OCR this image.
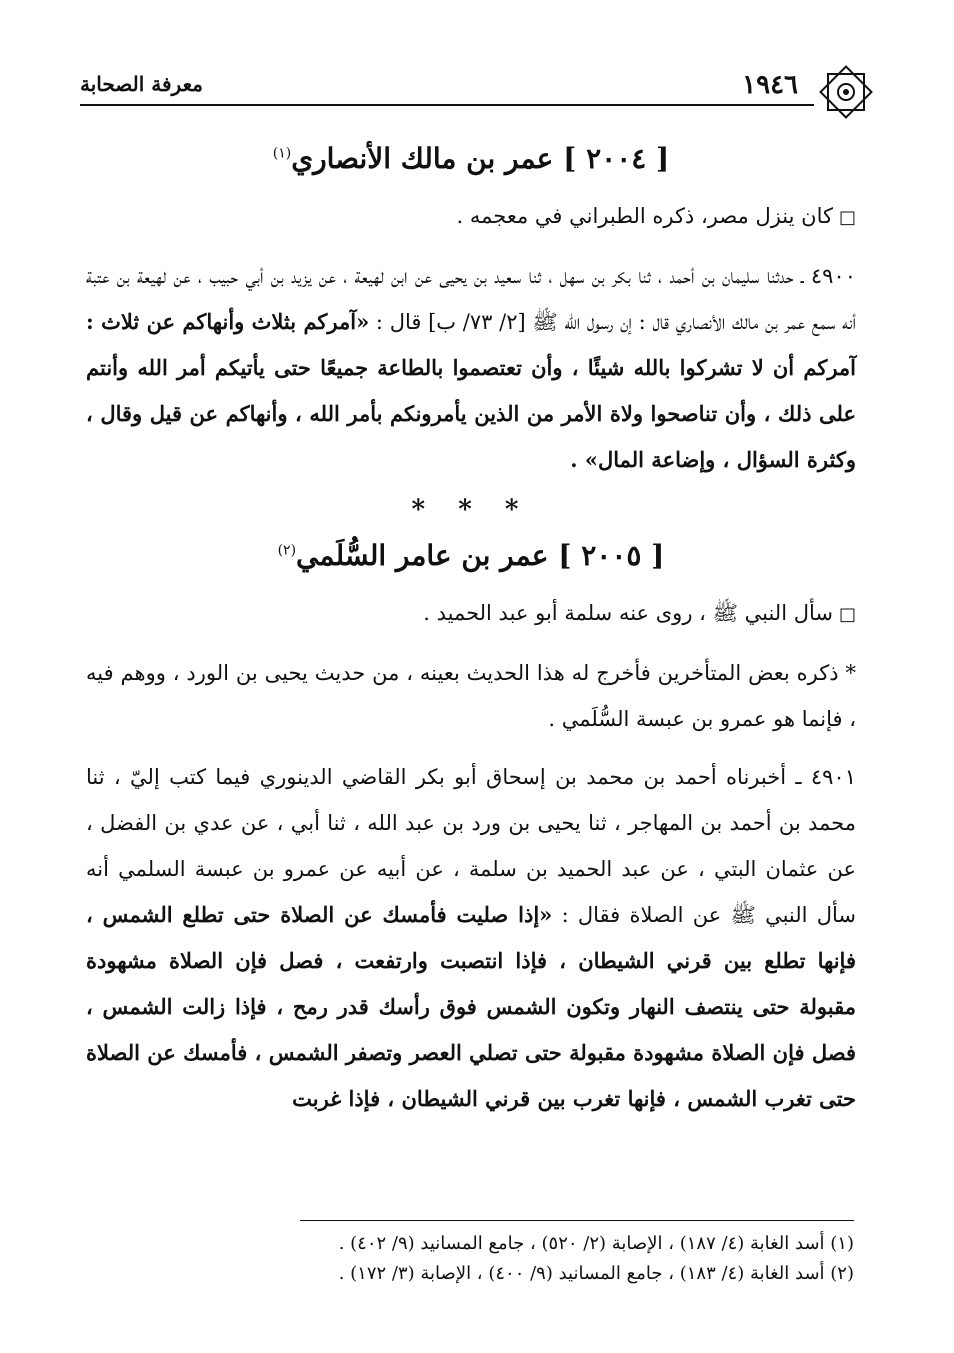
١٩٤٦
معرفة الصحابة
[ ٢٠٠٤ ] عمر بن مالك الأنصاري$^{(١)}$

□كان ينزل مصر، ذكره الطبراني في معجمه .

٤٩٠٠ ـ حدثنا سليمان بن أحمد ، ثنا بكر بن سهل ، ثنا سعيد بن يحيى عن ابن لهيعة ، عن يزيد بن أبي حبيب ، عن لهيعة بن عتبة أنه سمع عمر بن مالك الأنصاري قال : إن رسول الله ﷺ [٢/ ٧٣/ ب] قال : «آمركم بثلاث وأنهاكم عن ثلاث : آمركم أن لا تشركوا بالله شيئًا ، وأن تعتصموا بالطاعة جميعًا حتى يأتيكم أمر الله وأنتم على ذلك ، وأن تناصحوا ولاة الأمر من الذين يأمرونكم بأمر الله ، وأنهاكم عن قيل وقال ، وكثرة السؤال ، وإضاعة المال» .

* * *
[ ٢٠٠٥ ] عمر بن عامر السُّلَمي$^{(٢)}$

□سأل النبي ﷺ ، روى عنه سلمة أبو عبد الحميد .

* ذكره بعض المتأخرين فأخرج له هذا الحديث بعينه ، من حديث يحيى بن الورد ، ووهم فيه ، فإنما هو عمرو بن عبسة السُّلَمي .

٤٩٠١ ـ أخبرناه أحمد بن محمد بن إسحاق أبو بكر القاضي الدينوري فيما كتب إليّ ، ثنا محمد بن أحمد بن المهاجر ، ثنا يحيى بن ورد بن عبد الله ، ثنا أبي ، عن عدي بن الفضل ، عن عثمان البتي ، عن عبد الحميد بن سلمة ، عن أبيه عن عمرو بن عبسة السلمي أنه سأل النبي ﷺ عن الصلاة فقال : «إذا صليت فأمسك عن الصلاة حتى تطلع الشمس ، فإنها تطلع بين قرني الشيطان ، فإذا انتصبت وارتفعت ، فصل فإن الصلاة مشهودة مقبولة حتى ينتصف النهار وتكون الشمس فوق رأسك قدر رمح ، فإذا زالت الشمس ، فصل فإن الصلاة مشهودة مقبولة حتى تصلي العصر وتصفر الشمس ، فأمسك عن الصلاة حتى تغرب الشمس ، فإنها تغرب بين قرني الشيطان ، فإذا غربت

(١) أسد الغابة (٤/ ١٨٧) ، الإصابة (٢/ ٥٢٠) ، جامع المسانيد (٩/ ٤٠٢) .
(٢) أسد الغابة (٤/ ١٨٣) ، جامع المسانيد (٩/ ٤٠٠) ، الإصابة (٣/ ١٧٢) .
